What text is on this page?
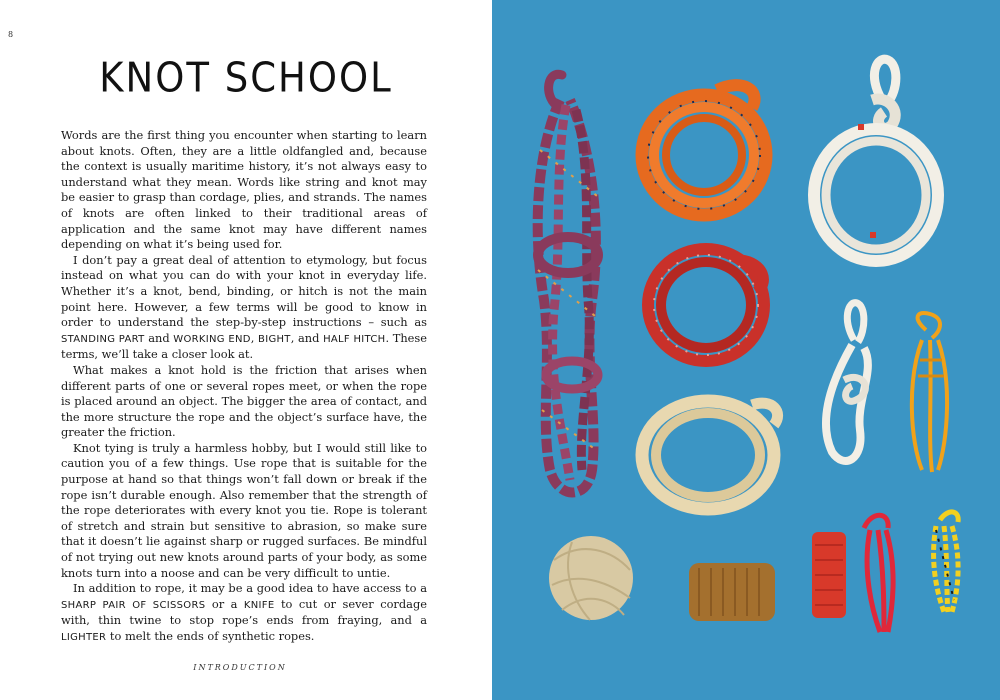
8
KNOT SCHOOL

Words are the first thing you encounter when starting to learn about knots. Often, they are a little oldfangled and, because the context is usually maritime history, it’s not always easy to understand what they mean. Words like string and knot may be easier to grasp than cordage, plies, and strands. The names of knots are often linked to their traditional areas of application and the same knot may have different names depending on what it’s being used for.

I don’t pay a great deal of attention to etymology, but focus instead on what you can do with your knot in everyday life. Whether it’s a knot, bend, binding, or hitch is not the main point here. However, a few terms will be good to know in order to understand the step-by-step instructions – such as STANDING PART and WORKING END, BIGHT, and HALF HITCH. These terms, we’ll take a closer look at.

What makes a knot hold is the friction that arises when different parts of one or several ropes meet, or when the rope is placed around an object. The bigger the area of contact, and the more structure the rope and the object’s surface have, the greater the friction.

Knot tying is truly a harmless hobby, but I would still like to caution you of a few things. Use rope that is suitable for the purpose at hand so that things won’t fall down or break if the rope isn’t durable enough. Also remember that the strength of the rope deteriorates with every knot you tie. Rope is tolerant of stretch and strain but sensitive to abrasion, so make sure that it doesn’t lie against sharp or rugged surfaces. Be mindful of not trying out new knots around parts of your body, as some knots turn into a noose and can be very difficult to untie.

In addition to rope, it may be a good idea to have access to a SHARP PAIR OF SCISSORS or a KNIFE to cut or sever cordage with, thin twine to stop rope’s ends from fraying, and a LIGHTER to melt the ends of synthetic ropes.

INTRODUCTION
